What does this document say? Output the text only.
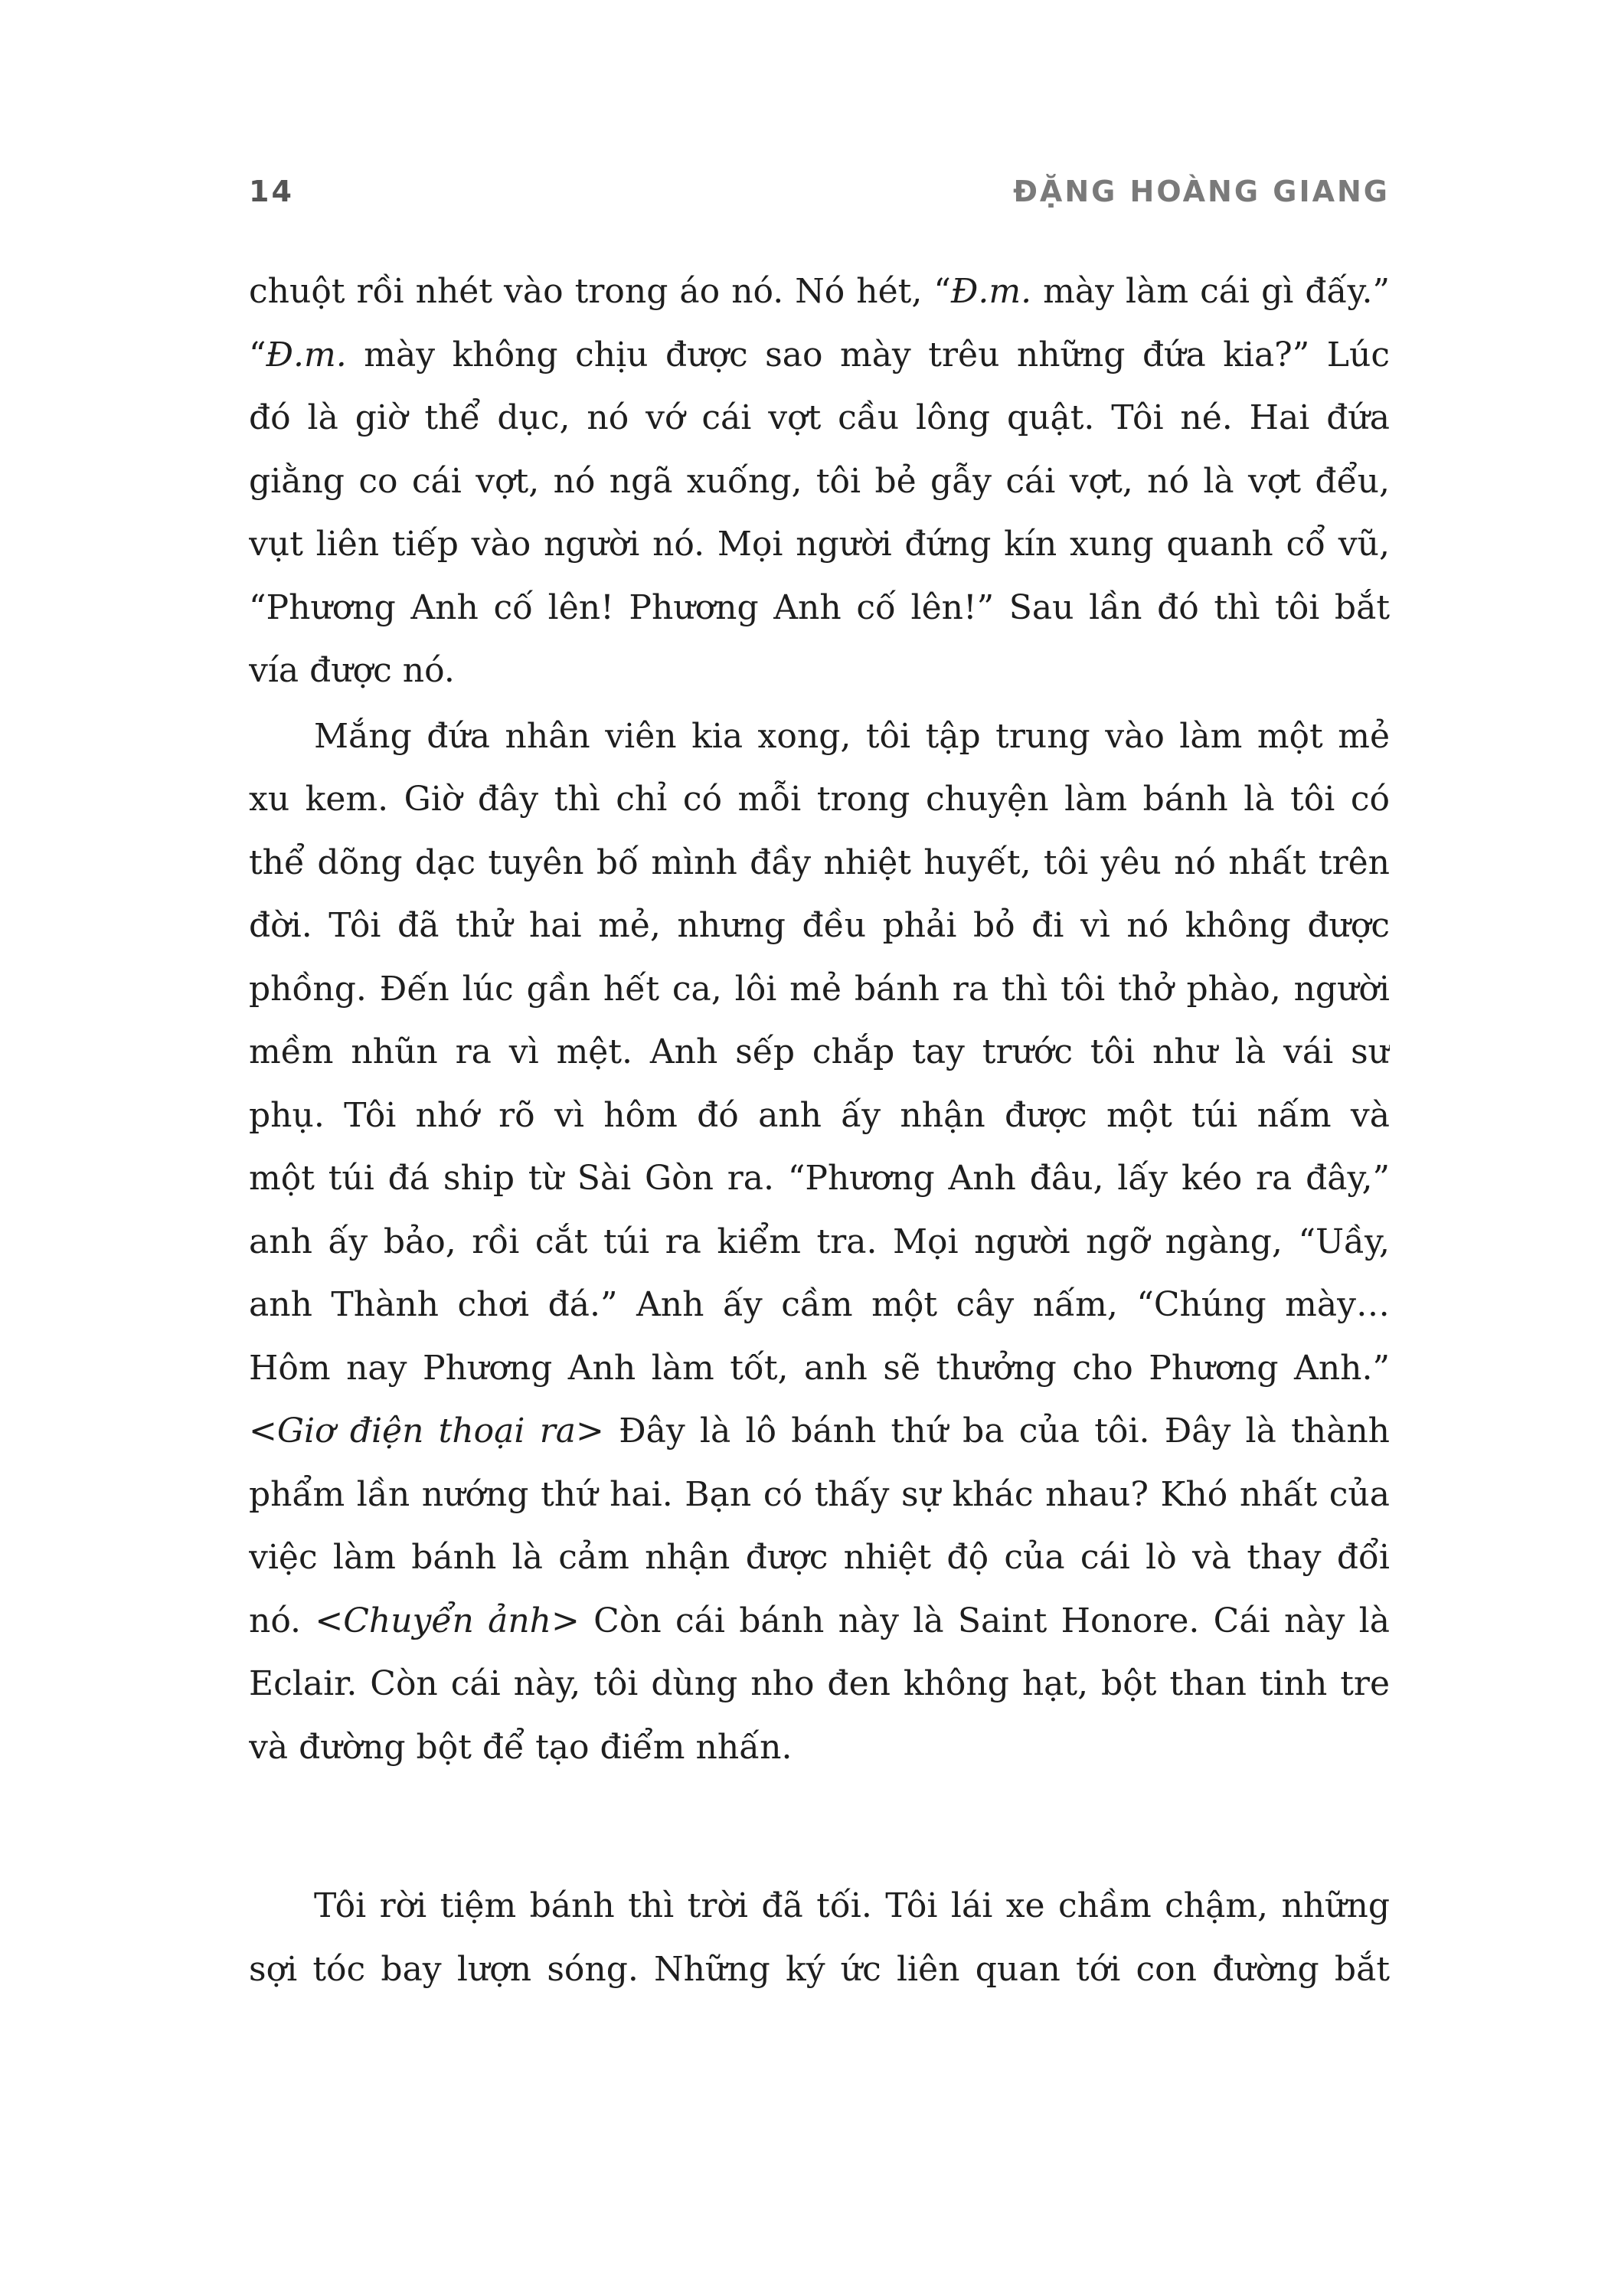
14	ĐẶNG HOÀNG GIANG
chuột rồi nhét vào trong áo nó. Nó hét, “Đ.m. mày làm cái gì đấy.”
“Đ.m. mày không chịu được sao mày trêu những đứa kia?” Lúc
đó là giờ thể dục, nó vớ cái vợt cầu lông quật. Tôi né. Hai đứa
giằng co cái vợt, nó ngã xuống, tôi bẻ gẫy cái vợt, nó là vợt đểu,
vụt liên tiếp vào người nó. Mọi người đứng kín xung quanh cổ vũ,
“Phương Anh cố lên! Phương Anh cố lên!” Sau lần đó thì tôi bắt
vía được nó.
Mắng đứa nhân viên kia xong, tôi tập trung vào làm một mẻ
xu kem. Giờ đây thì chỉ có mỗi trong chuyện làm bánh là tôi có
thể dõng dạc tuyên bố mình đầy nhiệt huyết, tôi yêu nó nhất trên
đời. Tôi đã thử hai mẻ, nhưng đều phải bỏ đi vì nó không được
phồng. Đến lúc gần hết ca, lôi mẻ bánh ra thì tôi thở phào, người
mềm nhũn ra vì mệt. Anh sếp chắp tay trước tôi như là vái sư
phụ. Tôi nhớ rõ vì hôm đó anh ấy nhận được một túi nấm và
một túi đá ship từ Sài Gòn ra. “Phương Anh đâu, lấy kéo ra đây,”
anh ấy bảo, rồi cắt túi ra kiểm tra. Mọi người ngỡ ngàng, “Uầy,
anh Thành chơi đá.” Anh ấy cầm một cây nấm, “Chúng mày…
Hôm nay Phương Anh làm tốt, anh sẽ thưởng cho Phương Anh.”
<Giơ điện thoại ra> Đây là lô bánh thứ ba của tôi. Đây là thành
phẩm lần nướng thứ hai. Bạn có thấy sự khác nhau? Khó nhất của
việc làm bánh là cảm nhận được nhiệt độ của cái lò và thay đổi
nó. <Chuyển ảnh> Còn cái bánh này là Saint Honore. Cái này là
Eclair. Còn cái này, tôi dùng nho đen không hạt, bột than tinh tre
và đường bột để tạo điểm nhấn.
Tôi rời tiệm bánh thì trời đã tối. Tôi lái xe chầm chậm, những
sợi tóc bay lượn sóng. Những ký ức liên quan tới con đường bắt
